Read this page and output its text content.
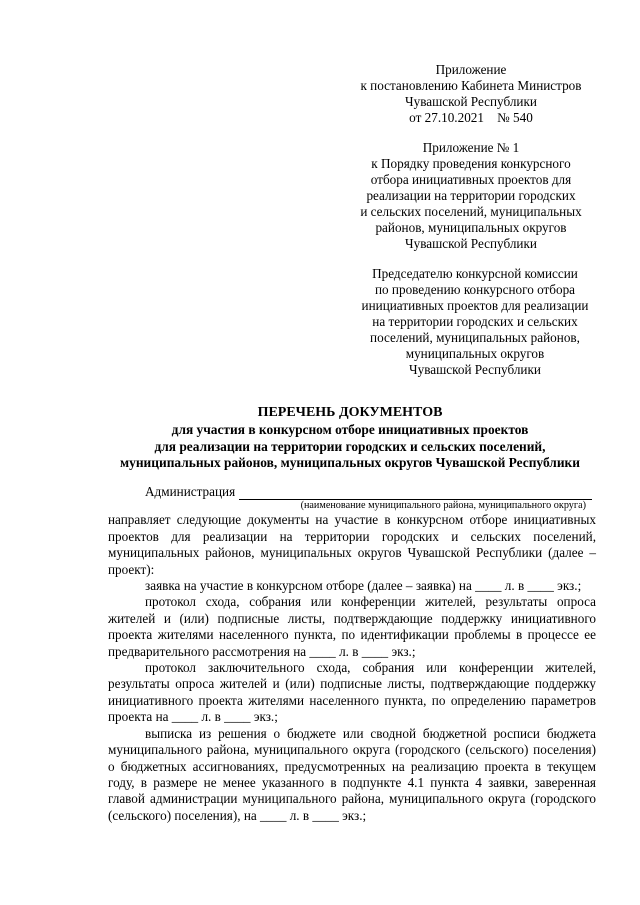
Приложение
к постановлению Кабинета Министров
Чувашской Республики
от 27.10.2021    № 540
Приложение № 1
к Порядку проведения конкурсного
отбора инициативных проектов для
реализации на территории городских
и сельских поселений, муниципальных
районов, муниципальных округов
Чувашской Республики
Председателю конкурсной комиссии
по проведению конкурсного отбора
инициативных проектов для реализации
на территории городских и сельских
поселений, муниципальных районов,
муниципальных округов
Чувашской Республики
ПЕРЕЧЕНЬ ДОКУМЕНТОВ
для участия в конкурсном отборе инициативных проектов
для реализации на территории городских и сельских поселений,
муниципальных районов, муниципальных округов Чувашской Республики
Администрация
(наименование муниципального района, муниципального округа)
направляет следующие документы на участие в конкурсном отборе инициативных проектов для реализации на территории городских и сельских поселений, муниципальных районов, муниципальных округов Чувашской Республики (далее – проект):
заявка на участие в конкурсном отборе (далее – заявка) на ____ л. в ____ экз.;
протокол схода, собрания или конференции жителей, результаты опроса жителей и (или) подписные листы, подтверждающие поддержку инициативного проекта жителями населенного пункта, по идентификации проблемы в процессе ее предварительного рассмотрения на ____ л. в ____ экз.;
протокол заключительного схода, собрания или конференции жителей, результаты опроса жителей и (или) подписные листы, подтверждающие поддержку инициативного проекта жителями населенного пункта, по определению параметров проекта на ____ л. в ____ экз.;
выписка из решения о бюджете или сводной бюджетной росписи бюджета муниципального района, муниципального округа (городского (сельского) поселения) о бюджетных ассигнованиях, предусмотренных на реализацию проекта в текущем году, в размере не менее указанного в подпункте 4.1 пункта 4 заявки, заверенная главой администрации муниципального района, муниципального округа (городского (сельского) поселения), на ____ л. в ____ экз.;
